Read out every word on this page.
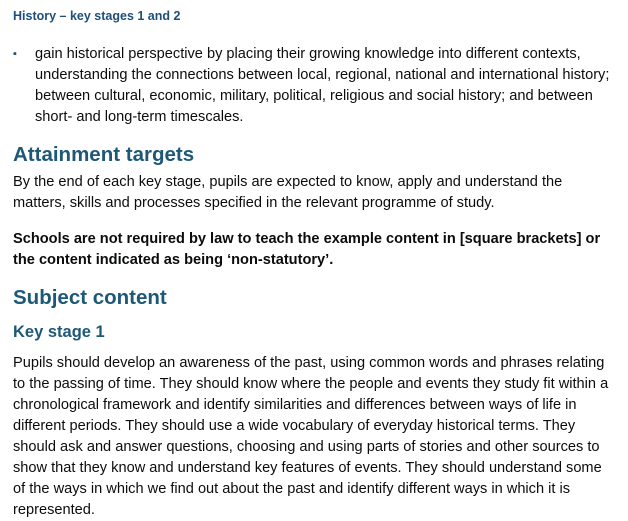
History – key stages 1 and 2
▪ gain historical perspective by placing their growing knowledge into different contexts, understanding the connections between local, regional, national and international history; between cultural, economic, military, political, religious and social history; and between short- and long-term timescales.
Attainment targets

By the end of each key stage, pupils are expected to know, apply and understand the matters, skills and processes specified in the relevant programme of study.

Schools are not required by law to teach the example content in [square brackets] or the content indicated as being ‘non-statutory’.

Subject content
Key stage 1

Pupils should develop an awareness of the past, using common words and phrases relating to the passing of time. They should know where the people and events they study fit within a chronological framework and identify similarities and differences between ways of life in different periods. They should use a wide vocabulary of everyday historical terms. They should ask and answer questions, choosing and using parts of stories and other sources to show that they know and understand key features of events. They should understand some of the ways in which we find out about the past and identify different ways in which it is represented.
